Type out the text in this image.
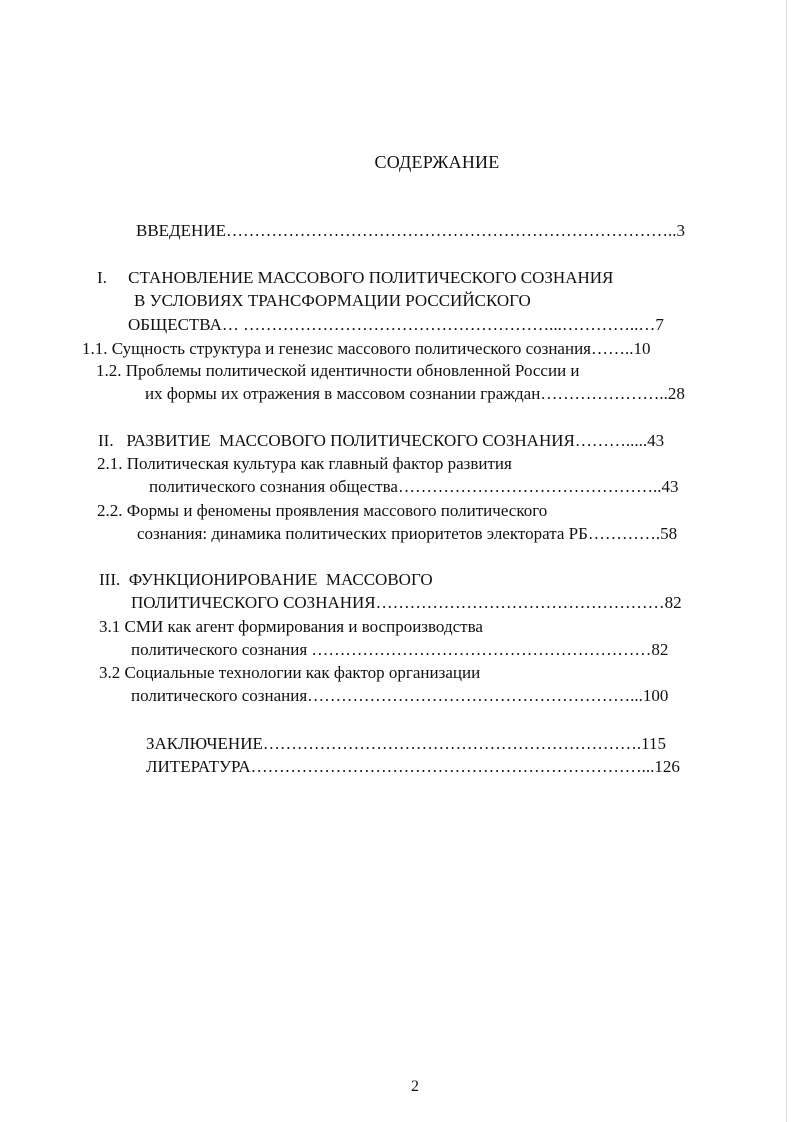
СОДЕРЖАНИЕ
ВВЕДЕНИЕ……………………………………………………………………..3
I.     СТАНОВЛЕНИЕ МАССОВОГО ПОЛИТИЧЕСКОГО СОЗНАНИЯ
В УСЛОВИЯХ ТРАНСФОРМАЦИИ РОССИЙСКОГО
ОБЩЕСТВА… ………………………………………………...…………..…7
1.1. Сущность структура и генезис массового политического сознания……..10
1.2. Проблемы политической идентичности обновленной России и
их формы их отражения в массовом сознании граждан…………………..28
II.   РАЗВИТИЕ  МАССОВОГО ПОЛИТИЧЕСКОГО СОЗНАНИЯ……….....43
2.1. Политическая культура как главный фактор развития
политического сознания общества………………………………………..43
2.2. Формы и феномены проявления массового политического
сознания: динамика политических приоритетов электората РБ………….58
III.  ФУНКЦИОНИРОВАНИЕ  МАССОВОГО
ПОЛИТИЧЕСКОГО СОЗНАНИЯ……………………………………………82
3.1 СМИ как агент формирования и воспроизводства
политического сознания ……………………………………………………82
3.2 Социальные технологии как фактор организации
политического сознания…………………………………………………...100
ЗАКЛЮЧЕНИЕ………………………………………………………….115
ЛИТЕРАТУРА……………………………………………………………...126
2
